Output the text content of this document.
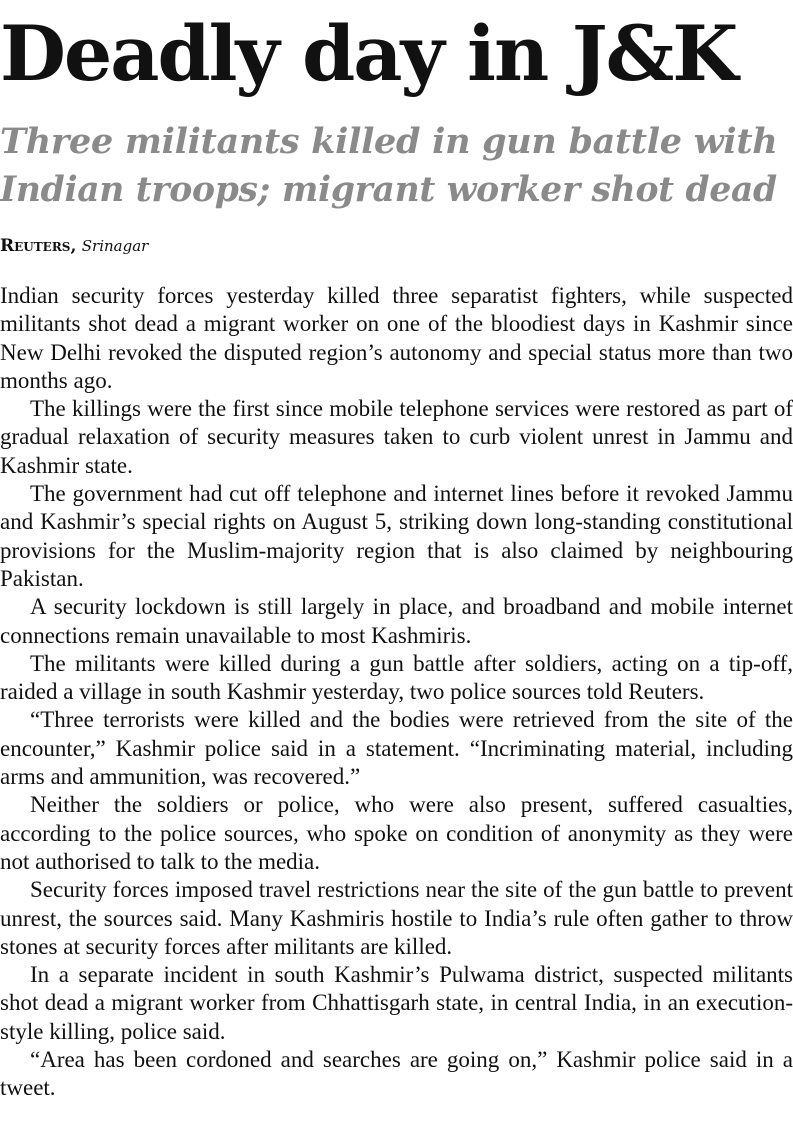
Deadly day in J&K
Three militants killed in gun battle with
Indian troops; migrant worker shot dead
Reuters, Srinagar

Indian security forces yesterday killed three separatist fighters, while suspected militants shot dead a migrant worker on one of the bloodiest days in Kashmir since New Delhi revoked the disputed region’s autonomy and special status more than two months ago.

The killings were the first since mobile telephone services were restored as part of gradual relaxation of security measures taken to curb violent unrest in Jammu and Kashmir state.

The government had cut off telephone and internet lines before it revoked Jammu and Kashmir’s special rights on August 5, striking down long-standing constitutional provisions for the Muslim-majority region that is also claimed by neighbouring Pakistan.

A security lockdown is still largely in place, and broadband and mobile internet connections remain unavailable to most Kashmiris.

The militants were killed during a gun battle after soldiers, acting on a tip-off, raided a village in south Kashmir yesterday, two police sources told Reuters.

“Three terrorists were killed and the bodies were retrieved from the site of the encounter,” Kashmir police said in a statement. “Incriminating material, including arms and ammunition, was recovered.”

Neither the soldiers or police, who were also present, suffered casualties, according to the police sources, who spoke on condition of anonymity as they were not authorised to talk to the media.

Security forces imposed travel restrictions near the site of the gun battle to prevent unrest, the sources said. Many Kashmiris hostile to India’s rule often gather to throw stones at security forces after militants are killed.

In a separate incident in south Kashmir’s Pulwama district, suspected militants shot dead a migrant worker from Chhattisgarh state, in central India, in an execution-style killing, police said.

“Area has been cordoned and searches are going on,” Kashmir police said in a tweet.
